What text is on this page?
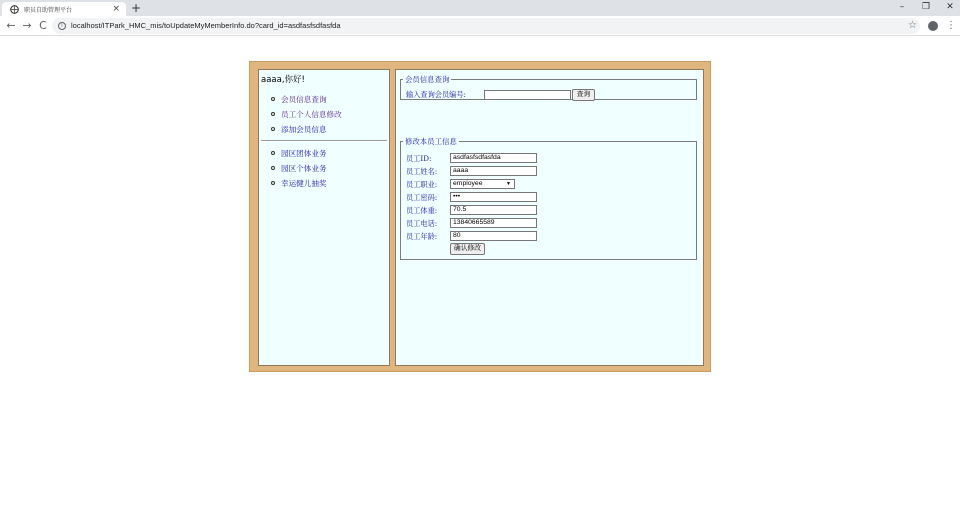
职员自助管理平台	× +	–	❐	✕
← → C	i	localhost/ITPark_HMC_mis/toUpdateMyMemberInfo.do?card_id=asdfasfsdfasfda	☆	⋮
aaaa,你好!
会员信息查询
员工个人信息修改
添加会员信息
园区团体业务
园区个体业务
幸运健儿抽奖
会员信息查询
输入查询会员编号:	查询
修改本员工信息
员工ID:	asdfasfsdfasfda
员工姓名:	aaaa
员工职业:	employee	▼
员工密码:	•••
员工体重:	70.5
员工电话:	13840665589
员工年龄:	80
确认修改
